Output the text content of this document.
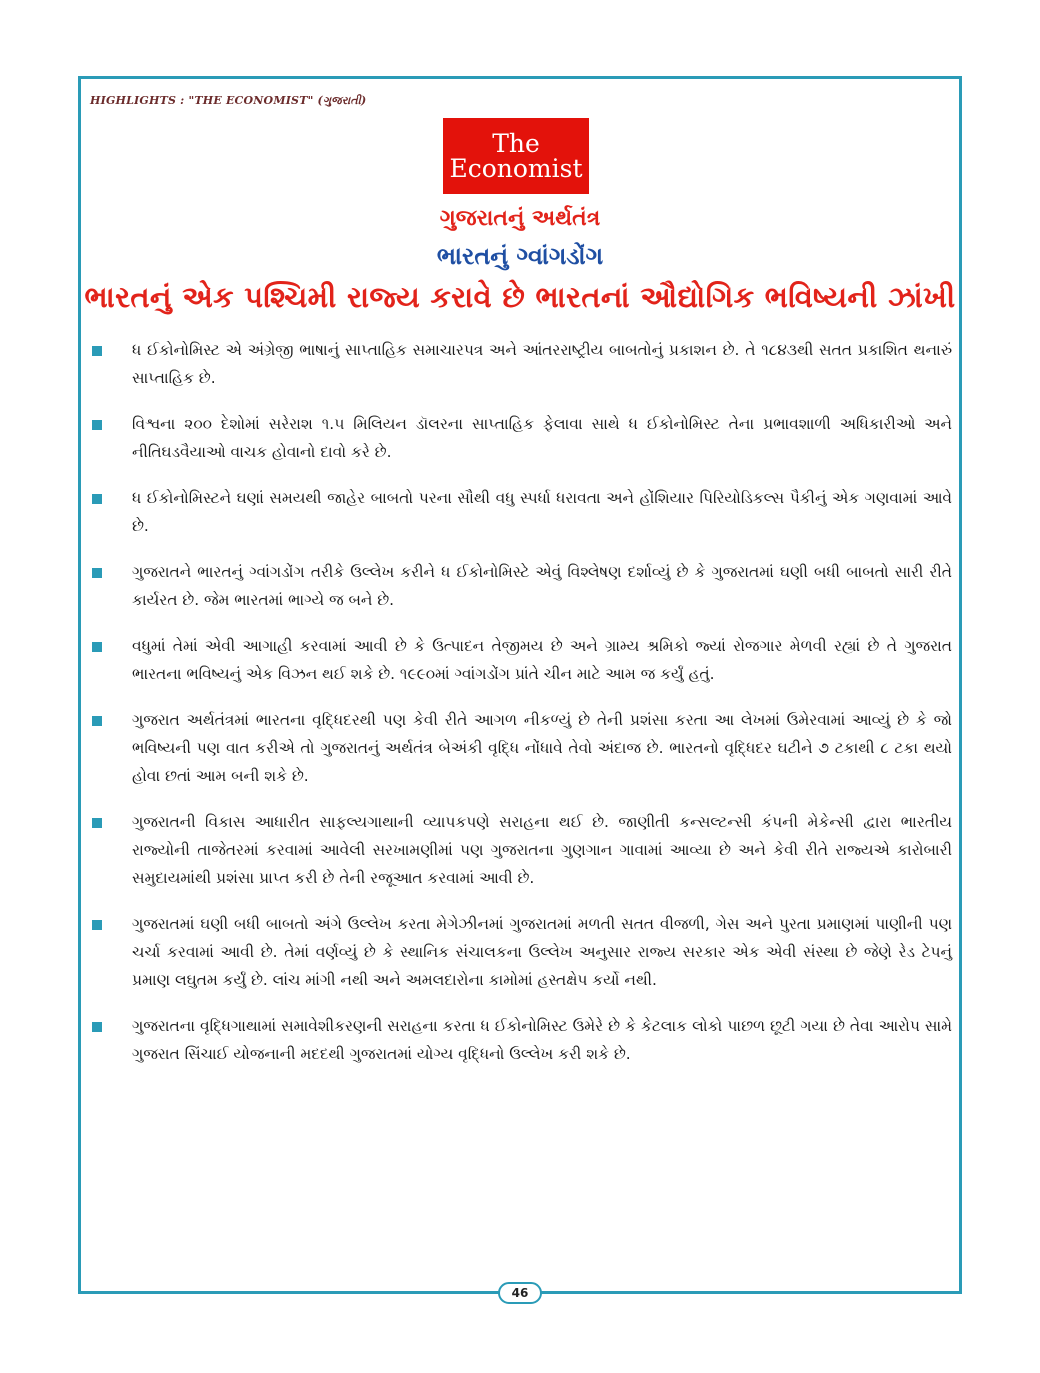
HIGHLIGHTS : "THE ECONOMIST" (ગુજરાતી)
The
Economist
ગુજરાતનું અર્થતંત્ર
ભારતનું ગ્વાંગડોંગ
ભારતનું એક પશ્ચિમી રાજ્ય કરાવે છે ભારતનાં ઔદ્યોગિક ભવિષ્યની ઝાંખી
ધ ઈકોનોમિસ્ટ એ અંગ્રેજી ભાષાનું સાપ્તાહિક સમાચારપત્ર અને આંતરરાષ્ટ્રીય બાબતોનું પ્રકાશન છે. તે ૧૮૪૩થી સતત પ્રકાશિત થનારું સાપ્તાહિક છે.
વિશ્વના ૨૦૦ દેશોમાં સરેરાશ ૧.૫ મિલિયન ડૉલરના સાપ્તાહિક ફેલાવા સાથે ધ ઈકોનોમિસ્ટ તેના પ્રભાવશાળી અધિકારીઓ અને નીતિઘડવૈયાઓ વાચક હોવાનો દાવો કરે છે.
ધ ઈકોનોમિસ્ટને ઘણાં સમયથી જાહેર બાબતો પરના સૌથી વધુ સ્પર્ધા ધરાવતા અને હોંશિયાર પિરિયોડિકલ્સ પૈકીનું એક ગણવામાં આવે છે.
ગુજરાતને ભારતનું ગ્વાંગડોંગ તરીકે ઉલ્લેખ કરીને ધ ઈકોનોમિસ્ટે એવું વિશ્લેષણ દર્શાવ્યું છે કે ગુજરાતમાં ઘણી બધી બાબતો સારી રીતે કાર્યરત છે. જેમ ભારતમાં ભાગ્યે જ બને છે.
વધુમાં તેમાં એવી આગાહી કરવામાં આવી છે કે ઉત્પાદન તેજીમય છે અને ગ્રામ્ય શ્રમિકો જ્યાં રોજગાર મેળવી રહ્યાં છે તે ગુજરાત ભારતના ભવિષ્યનું એક વિઝન થઈ શકે છે. ૧૯૯૦માં ગ્વાંગડોંગ પ્રાંતે ચીન માટે આમ જ કર્યું હતું.
ગુજરાત અર્થતંત્રમાં ભારતના વૃદ્ધિદરથી પણ કેવી રીતે આગળ નીકળ્યું છે તેની પ્રશંસા કરતા આ લેખમાં ઉમેરવામાં આવ્યું છે કે જો ભવિષ્યની પણ વાત કરીએ તો ગુજરાતનું અર્થતંત્ર બેઅંકી વૃદ્ધિ નોંધાવે તેવો અંદાજ છે. ભારતનો વૃદ્ધિદર ઘટીને ૭ ટકાથી ૮ ટકા થયો હોવા છતાં આમ બની શકે છે.
ગુજરાતની વિકાસ આધારીત સાફલ્યગાથાની વ્યાપકપણે સરાહના થઈ છે. જાણીતી કન્સલ્ટન્સી કંપની મેકેન્સી દ્વારા ભારતીય રાજ્યોની તાજેતરમાં કરવામાં આવેલી સરખામણીમાં પણ ગુજરાતના ગુણગાન ગાવામાં આવ્યા છે અને કેવી રીતે રાજ્યએ કારોબારી સમુદાયમાંથી પ્રશંસા પ્રાપ્ત કરી છે તેની રજૂઆત કરવામાં આવી છે.
ગુજરાતમાં ઘણી બધી બાબતો અંગે ઉલ્લેખ કરતા મેગેઝીનમાં ગુજરાતમાં મળતી સતત વીજળી, ગેસ અને પુરતા પ્રમાણમાં પાણીની પણ ચર્ચા કરવામાં આવી છે. તેમાં વર્ણવ્યું છે કે સ્થાનિક સંચાલકના ઉલ્લેખ અનુસાર રાજ્ય સરકાર એક એવી સંસ્થા છે જેણે રેડ ટેપનું પ્રમાણ લઘુતમ કર્યું છે. લાંચ માંગી નથી અને અમલદારોના કામોમાં હસ્તક્ષેપ કર્યો નથી.
ગુજરાતના વૃદ્ધિગાથામાં સમાવેશીકરણની સરાહના કરતા ધ ઈકોનોમિસ્ટ ઉમેરે છે કે કેટલાક લોકો પાછળ છૂટી ગયા છે તેવા આરોપ સામે ગુજરાત સિંચાઈ યોજનાની મદદથી ગુજરાતમાં યોગ્ય વૃદ્ધિનો ઉલ્લેખ કરી શકે છે.
46
